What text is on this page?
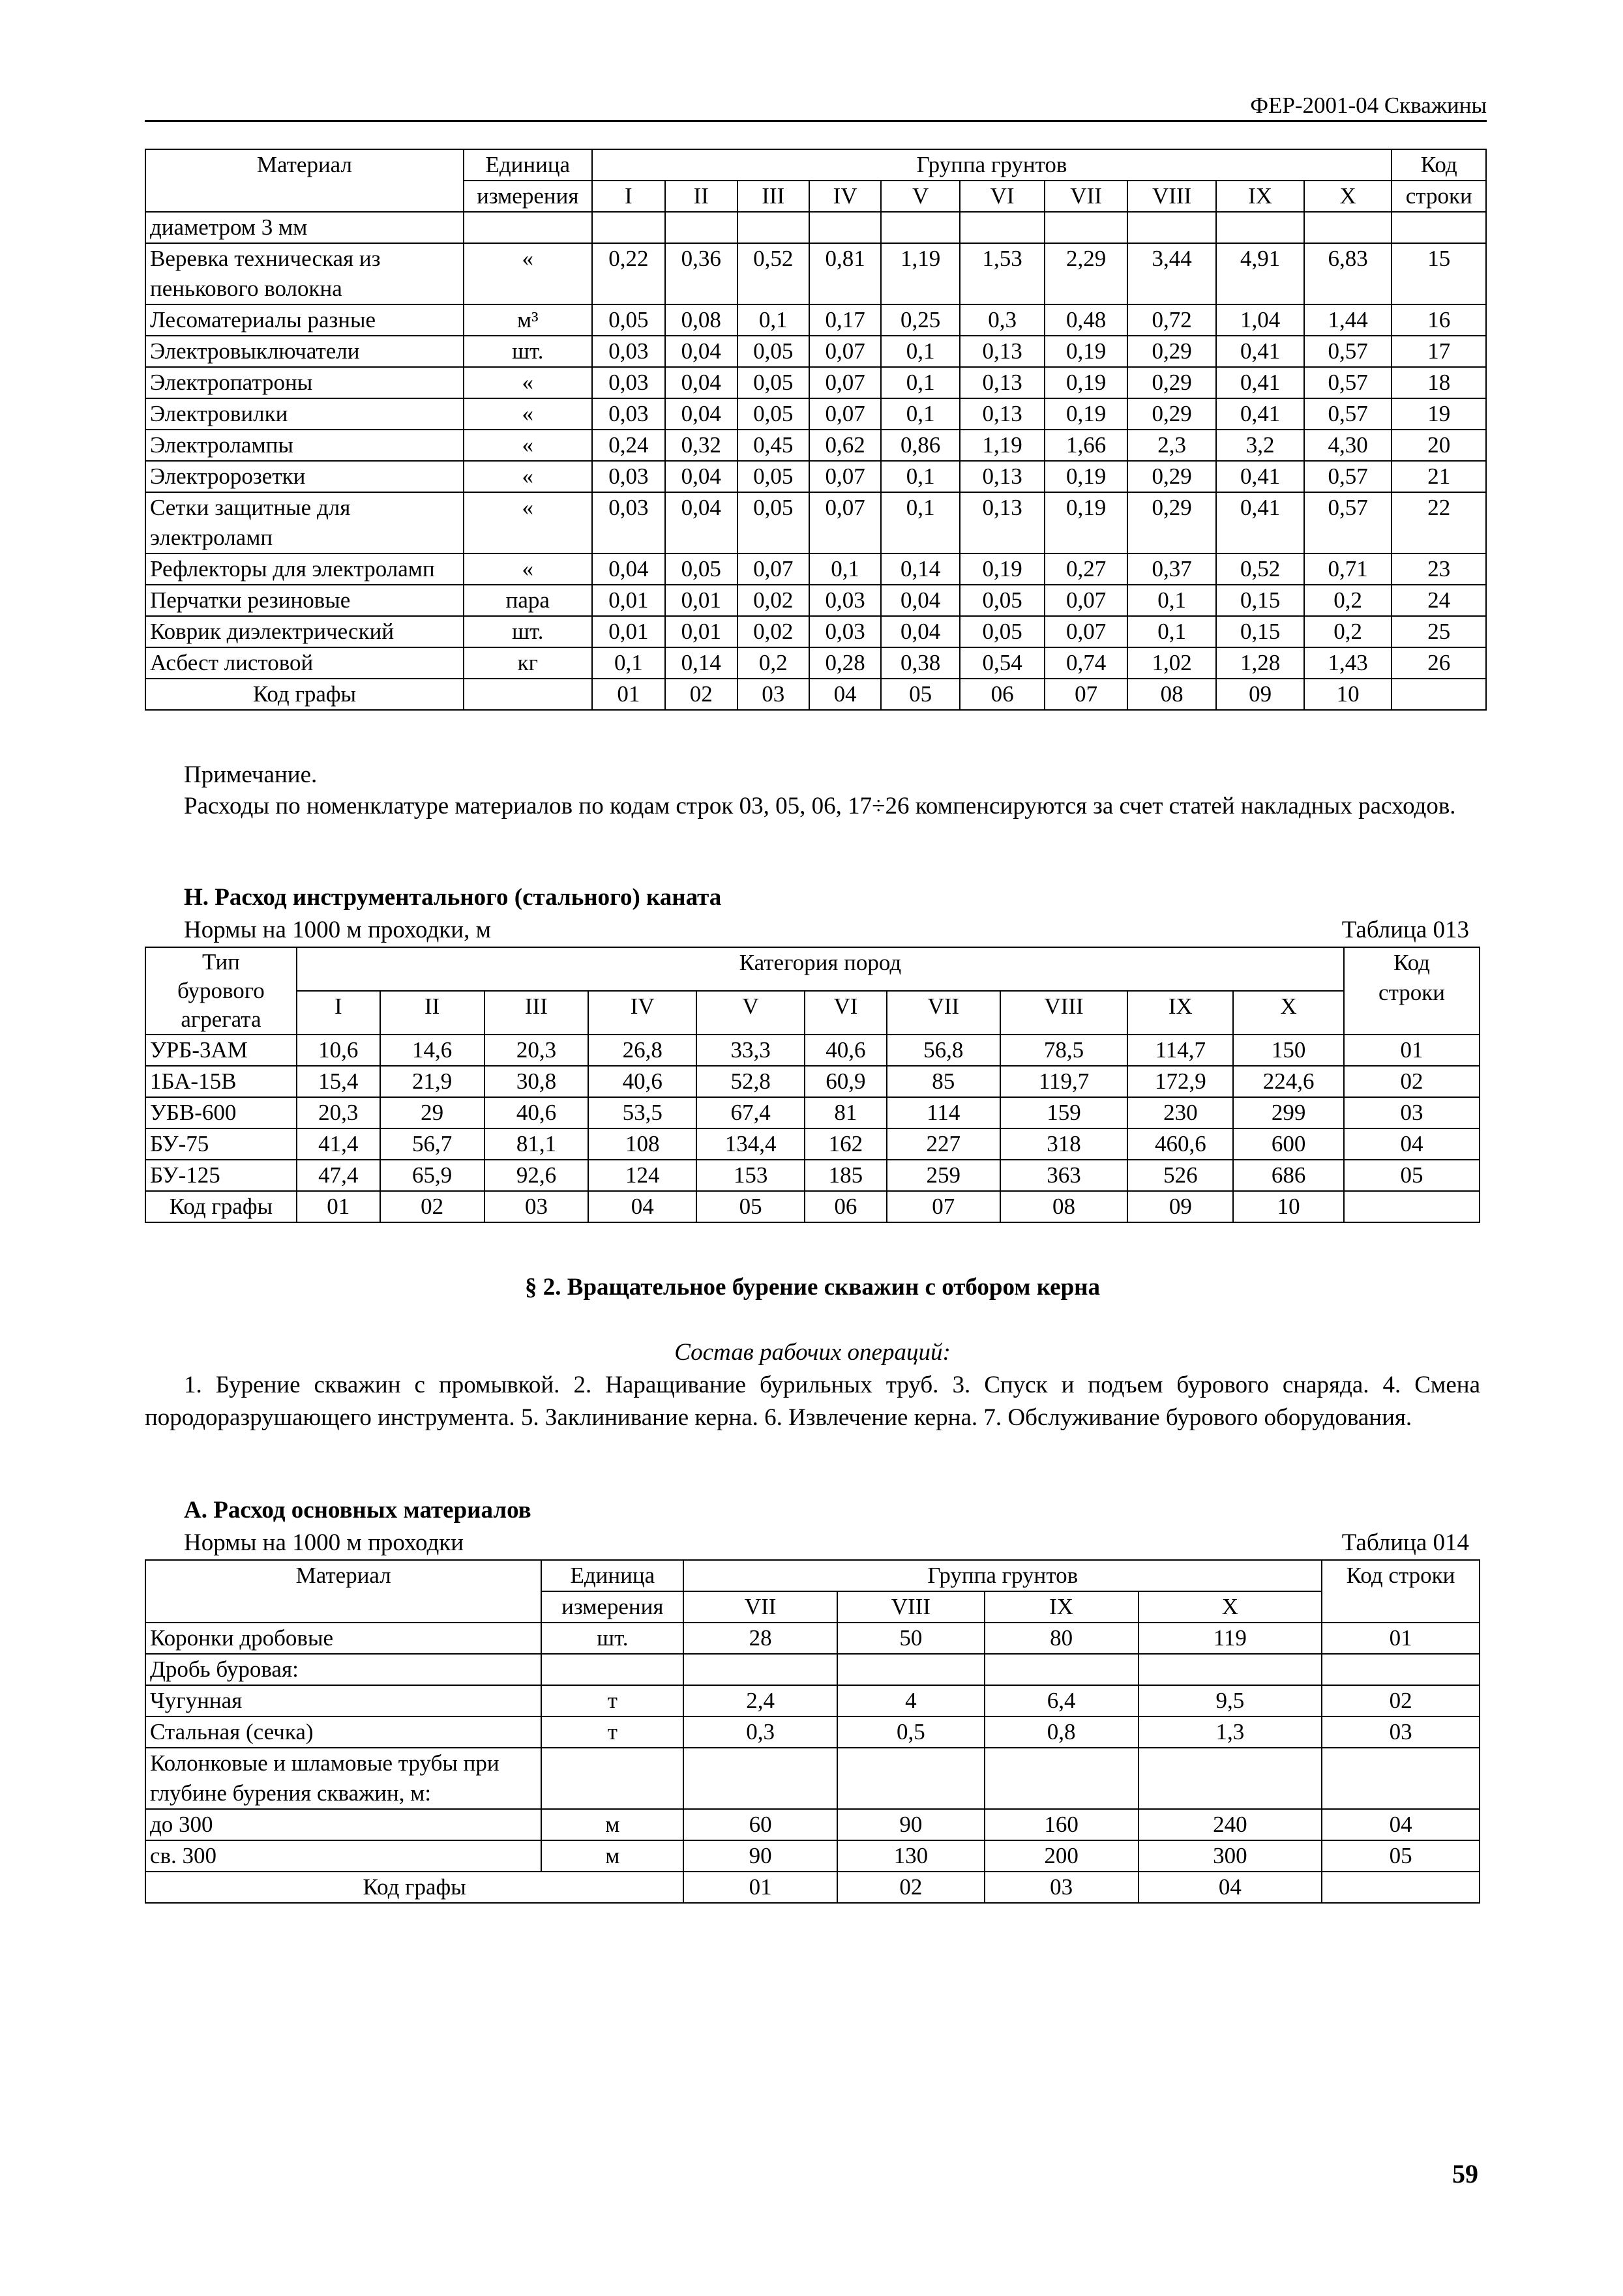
ФЕР-2001-04 Скважины
Материал	Единица	Группа грунтов										Код
	измерения	I	II	III	IV	V	VI	VII	VIII	IX	X	строки
диаметром 3 мм												
Веревка техническая из пенькового волокна	«	0,22	0,36	0,52	0,81	1,19	1,53	2,29	3,44	4,91	6,83	15
Лесоматериалы разные	м³	0,05	0,08	0,1	0,17	0,25	0,3	0,48	0,72	1,04	1,44	16
Электровыключатели	шт.	0,03	0,04	0,05	0,07	0,1	0,13	0,19	0,29	0,41	0,57	17
Электропатроны	«	0,03	0,04	0,05	0,07	0,1	0,13	0,19	0,29	0,41	0,57	18
Электровилки	«	0,03	0,04	0,05	0,07	0,1	0,13	0,19	0,29	0,41	0,57	19
Электролампы	«	0,24	0,32	0,45	0,62	0,86	1,19	1,66	2,3	3,2	4,30	20
Электророзетки	«	0,03	0,04	0,05	0,07	0,1	0,13	0,19	0,29	0,41	0,57	21
Сетки защитные для электроламп	«	0,03	0,04	0,05	0,07	0,1	0,13	0,19	0,29	0,41	0,57	22
Рефлекторы для электроламп	«	0,04	0,05	0,07	0,1	0,14	0,19	0,27	0,37	0,52	0,71	23
Перчатки резиновые	пара	0,01	0,01	0,02	0,03	0,04	0,05	0,07	0,1	0,15	0,2	24
Коврик диэлектрический	шт.	0,01	0,01	0,02	0,03	0,04	0,05	0,07	0,1	0,15	0,2	25
Асбест листовой	кг	0,1	0,14	0,2	0,28	0,38	0,54	0,74	1,02	1,28	1,43	26
Код графы		01	02	03	04	05	06	07	08	09	10	
Примечание.
Расходы по номенклатуре материалов по кодам строк 03, 05, 06, 17÷26 компенсируются за счет статей накладных расходов.
Н. Расход инструментального (стального) каната
Нормы на 1000 м проходки, м	Таблица 013
Тип
бурового
агрегата	Категория пород										Код
строки
	I	II	III	IV	V	VI	VII	VIII	IX	X	
УРБ-3АМ	10,6	14,6	20,3	26,8	33,3	40,6	56,8	78,5	114,7	150	01
1БА-15В	15,4	21,9	30,8	40,6	52,8	60,9	85	119,7	172,9	224,6	02
УБВ-600	20,3	29	40,6	53,5	67,4	81	114	159	230	299	03
БУ-75	41,4	56,7	81,1	108	134,4	162	227	318	460,6	600	04
БУ-125	47,4	65,9	92,6	124	153	185	259	363	526	686	05
Код графы	01	02	03	04	05	06	07	08	09	10	
§ 2. Вращательное бурение скважин с отбором керна
Состав рабочих операций:
1. Бурение скважин с промывкой. 2. Наращивание бурильных труб. 3. Спуск и подъем бурового снаряда. 4. Смена породоразрушающего инструмента. 5. Заклинивание керна. 6. Извлечение керна. 7. Обслуживание бурового оборудования.
А. Расход основных материалов
Нормы на 1000 м проходки	Таблица 014
Материал	Единица	Группа грунтов				Код строки
	измерения	VII	VIII	IX	X	
Коронки дробовые	шт.	28	50	80	119	01
Дробь буровая:						
Чугунная	т	2,4	4	6,4	9,5	02
Стальная (сечка)	т	0,3	0,5	0,8	1,3	03
Колонковые и шламовые трубы при глубине бурения скважин, м:						
до 300	м	60	90	160	240	04
св. 300	м	90	130	200	300	05
Код графы		01	02	03	04	
59
